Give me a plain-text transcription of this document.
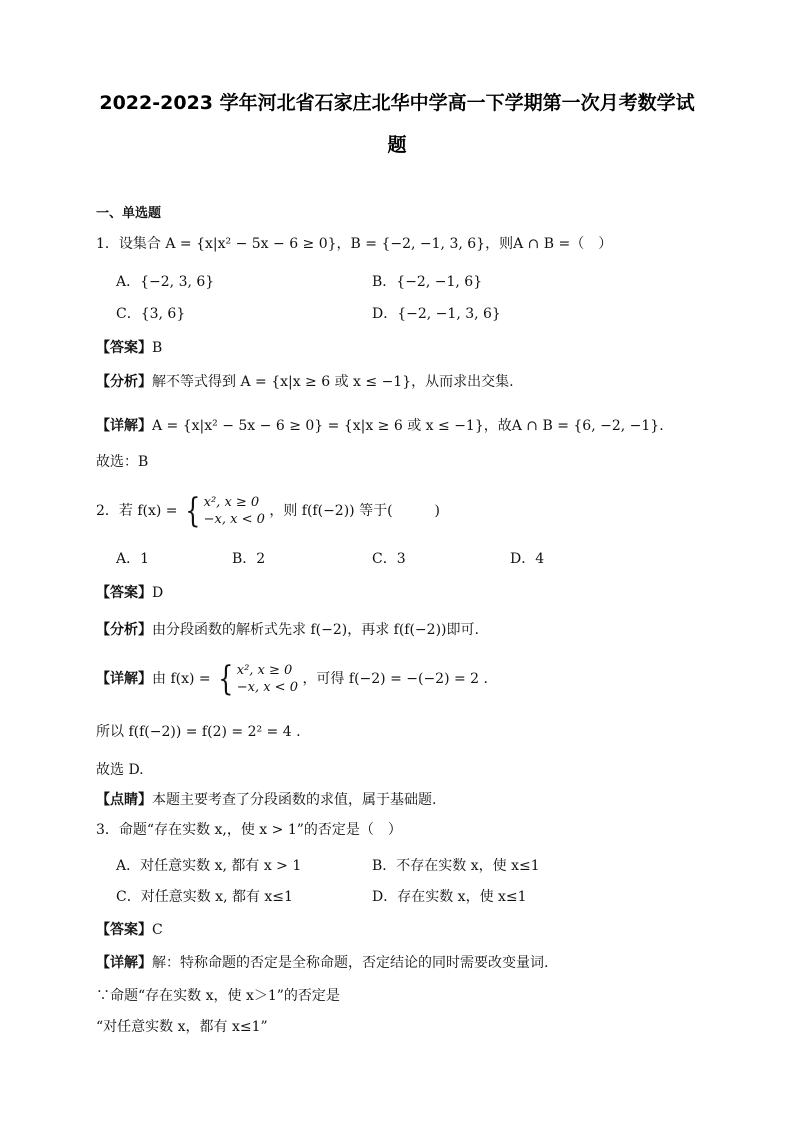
2022-2023 学年河北省石家庄北华中学高一下学期第一次月考数学试
题
一、单选题
1．设集合 A = {x|x² − 5x − 6 ≥ 0}，B = {−2, −1, 3, 6}，则A ∩ B =（　）
A．{−2, 3, 6}	B．{−2, −1, 6}
C．{3, 6}	D．{−2, −1, 3, 6}
【答案】B
【分析】解不等式得到 A = {x|x ≥ 6 或 x ≤ −1}，从而求出交集.
【详解】A = {x|x² − 5x − 6 ≥ 0} = {x|x ≥ 6 或 x ≤ −1}，故A ∩ B = {6, −2, −1}.
故选：B
2．若 f(x) = { x², x ≥ 0
−x, x < 0
，则 f(f(−2)) 等于(　　　)
A．1	B．2	C．3	D．4
【答案】D
【分析】由分段函数的解析式先求 f(−2)，再求 f(f(−2))即可.
【详解】由 f(x) = { x², x ≥ 0
−x, x < 0
，可得 f(−2) = −(−2) = 2 .
所以 f(f(−2)) = f(2) = 2² = 4 .
故选 D.
【点睛】本题主要考查了分段函数的求值，属于基础题.
3．命题“存在实数 x,，使 x > 1”的否定是（　）
A．对任意实数 x, 都有 x > 1	B．不存在实数 x，使 x≤1
C．对任意实数 x, 都有 x≤1	D．存在实数 x，使 x≤1
【答案】C
【详解】解：特称命题的否定是全称命题，否定结论的同时需要改变量词.
∵命题“存在实数 x，使 x＞1”的否定是
“对任意实数 x，都有 x≤1”
